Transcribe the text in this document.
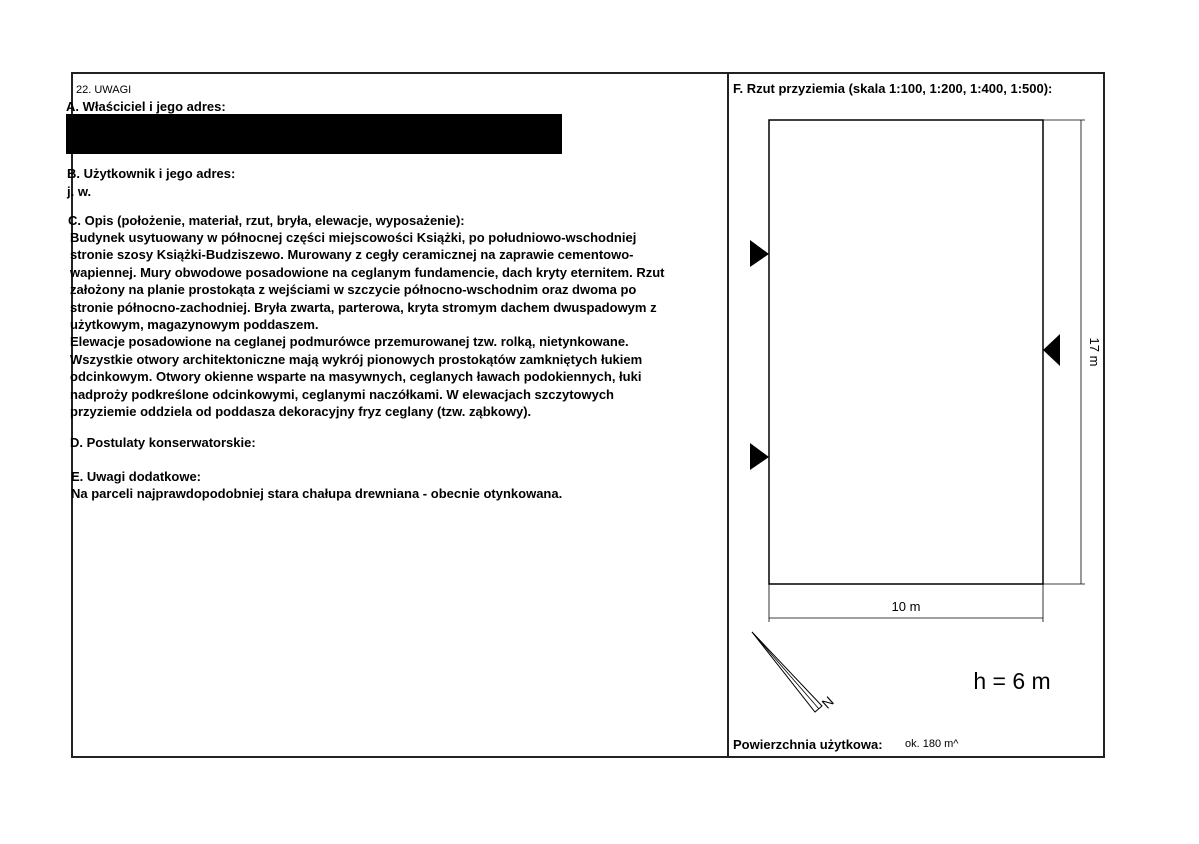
22. UWAGI
A. Właściciel i jego adres:
B. Użytkownik i jego adres:
j. w.
C. Opis (położenie, materiał, rzut, bryła, elewacje, wyposażenie):
Budynek usytuowany w północnej części miejscowości Książki, po południowo-wschodniej
stronie szosy Książki-Budziszewo. Murowany z cegły ceramicznej na zaprawie cementowo-
wapiennej. Mury obwodowe posadowione na ceglanym fundamencie, dach kryty eternitem. Rzut
założony na planie prostokąta z wejściami w szczycie północno-wschodnim oraz dwoma po
stronie północno-zachodniej. Bryła zwarta, parterowa, kryta stromym dachem dwuspadowym z
użytkowym, magazynowym poddaszem.
Elewacje posadowione na ceglanej podmurówce przemurowanej tzw. rolką, nietynkowane.
Wszystkie otwory architektoniczne mają wykrój pionowych prostokątów zamkniętych łukiem
odcinkowym. Otwory okienne wsparte na masywnych, ceglanych ławach podokiennych, łuki
nadproży podkreślone odcinkowymi, ceglanymi naczółkami. W elewacjach szczytowych
przyziemie oddziela od poddasza dekoracyjny fryz ceglany (tzw. ząbkowy).
D. Postulaty konserwatorskie:
E. Uwagi dodatkowe:
Na parceli najprawdopodobniej stara chałupa drewniana - obecnie otynkowana.
F. Rzut przyziemia (skala 1:100, 1:200, 1:400, 1:500):
10 m
17 m
N
h = 6 m
Powierzchnia użytkowa: ok. 180 m^
